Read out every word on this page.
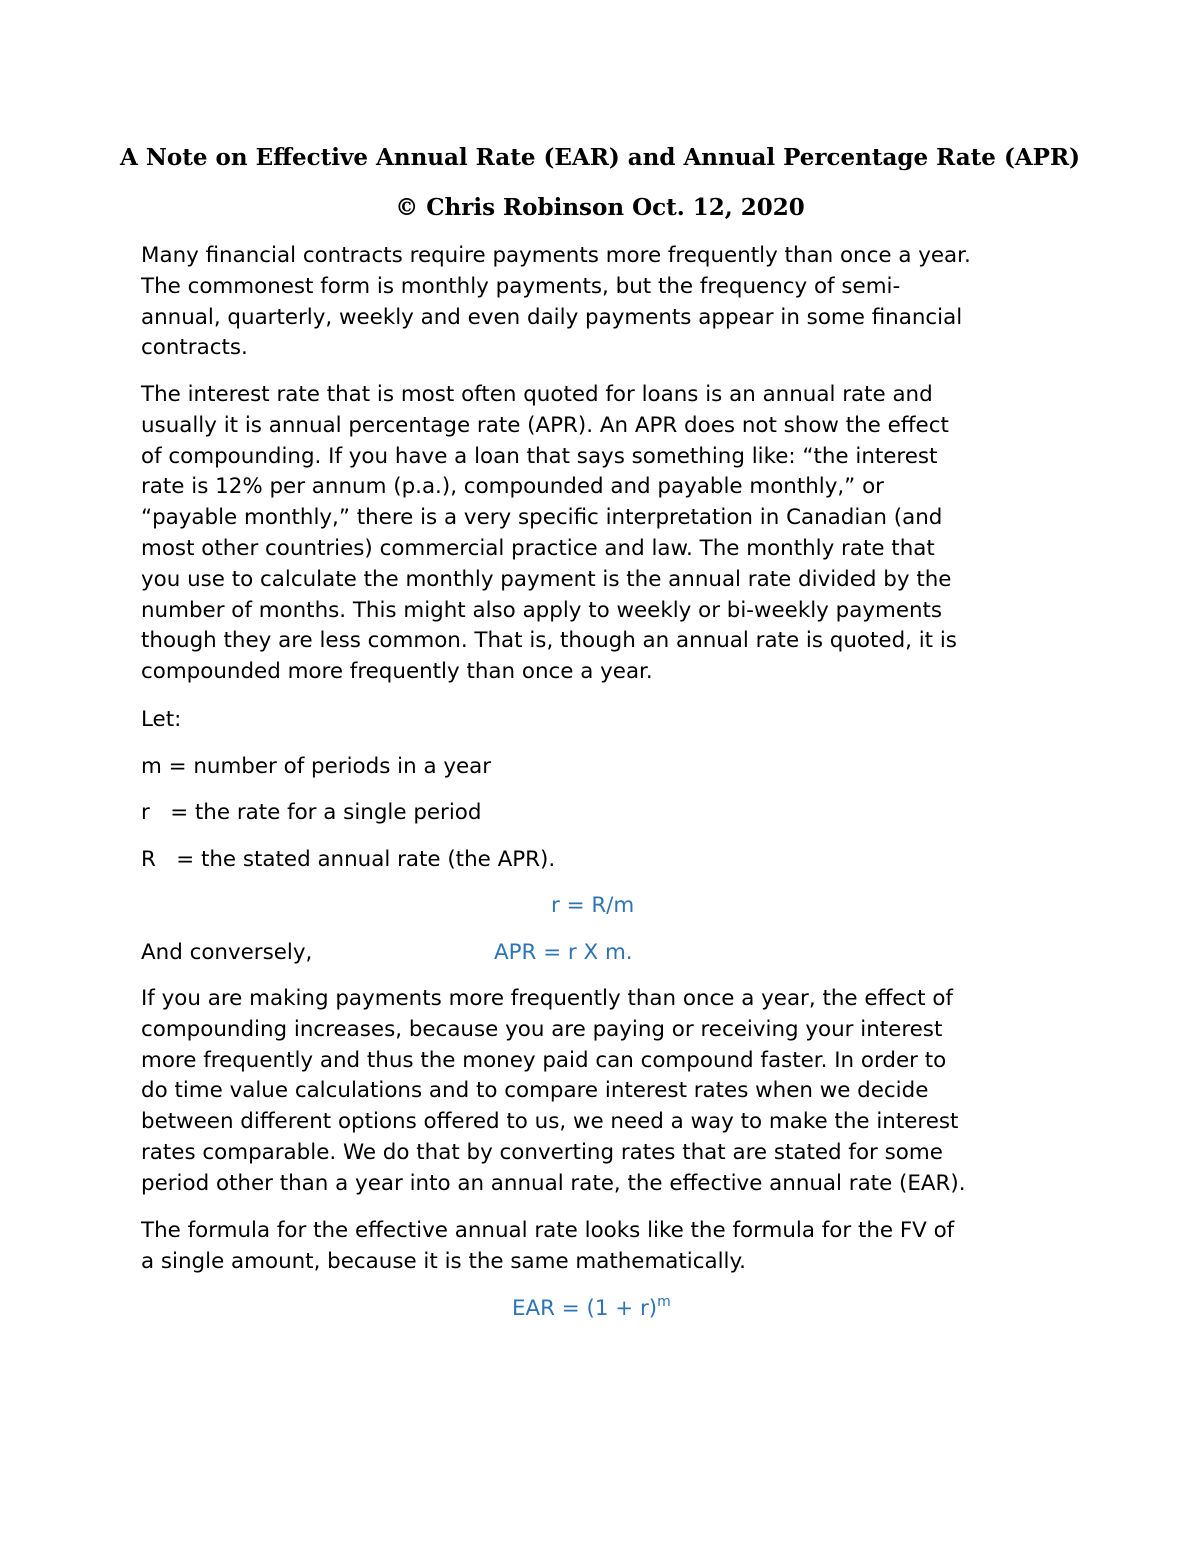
A Note on Effective Annual Rate (EAR) and Annual Percentage Rate (APR)
© Chris Robinson Oct. 12, 2020
Many financial contracts require payments more frequently than once a year.
The commonest form is monthly payments, but the frequency of semi-
annual, quarterly, weekly and even daily payments appear in some financial
contracts.
The interest rate that is most often quoted for loans is an annual rate and
usually it is annual percentage rate (APR). An APR does not show the effect
of compounding. If you have a loan that says something like: “the interest
rate is 12% per annum (p.a.), compounded and payable monthly,” or
“payable monthly,” there is a very specific interpretation in Canadian (and
most other countries) commercial practice and law. The monthly rate that
you use to calculate the monthly payment is the annual rate divided by the
number of months. This might also apply to weekly or bi-weekly payments
though they are less common. That is, though an annual rate is quoted, it is
compounded more frequently than once a year.
Let:
m = number of periods in a year
r   = the rate for a single period
R   = the stated annual rate (the APR).
r = R/m
And conversely,	APR = r X m.
If you are making payments more frequently than once a year, the effect of
compounding increases, because you are paying or receiving your interest
more frequently and thus the money paid can compound faster. In order to
do time value calculations and to compare interest rates when we decide
between different options offered to us, we need a way to make the interest
rates comparable. We do that by converting rates that are stated for some
period other than a year into an annual rate, the effective annual rate (EAR).
The formula for the effective annual rate looks like the formula for the FV of
a single amount, because it is the same mathematically.
EAR = $(1 + r)^m$
